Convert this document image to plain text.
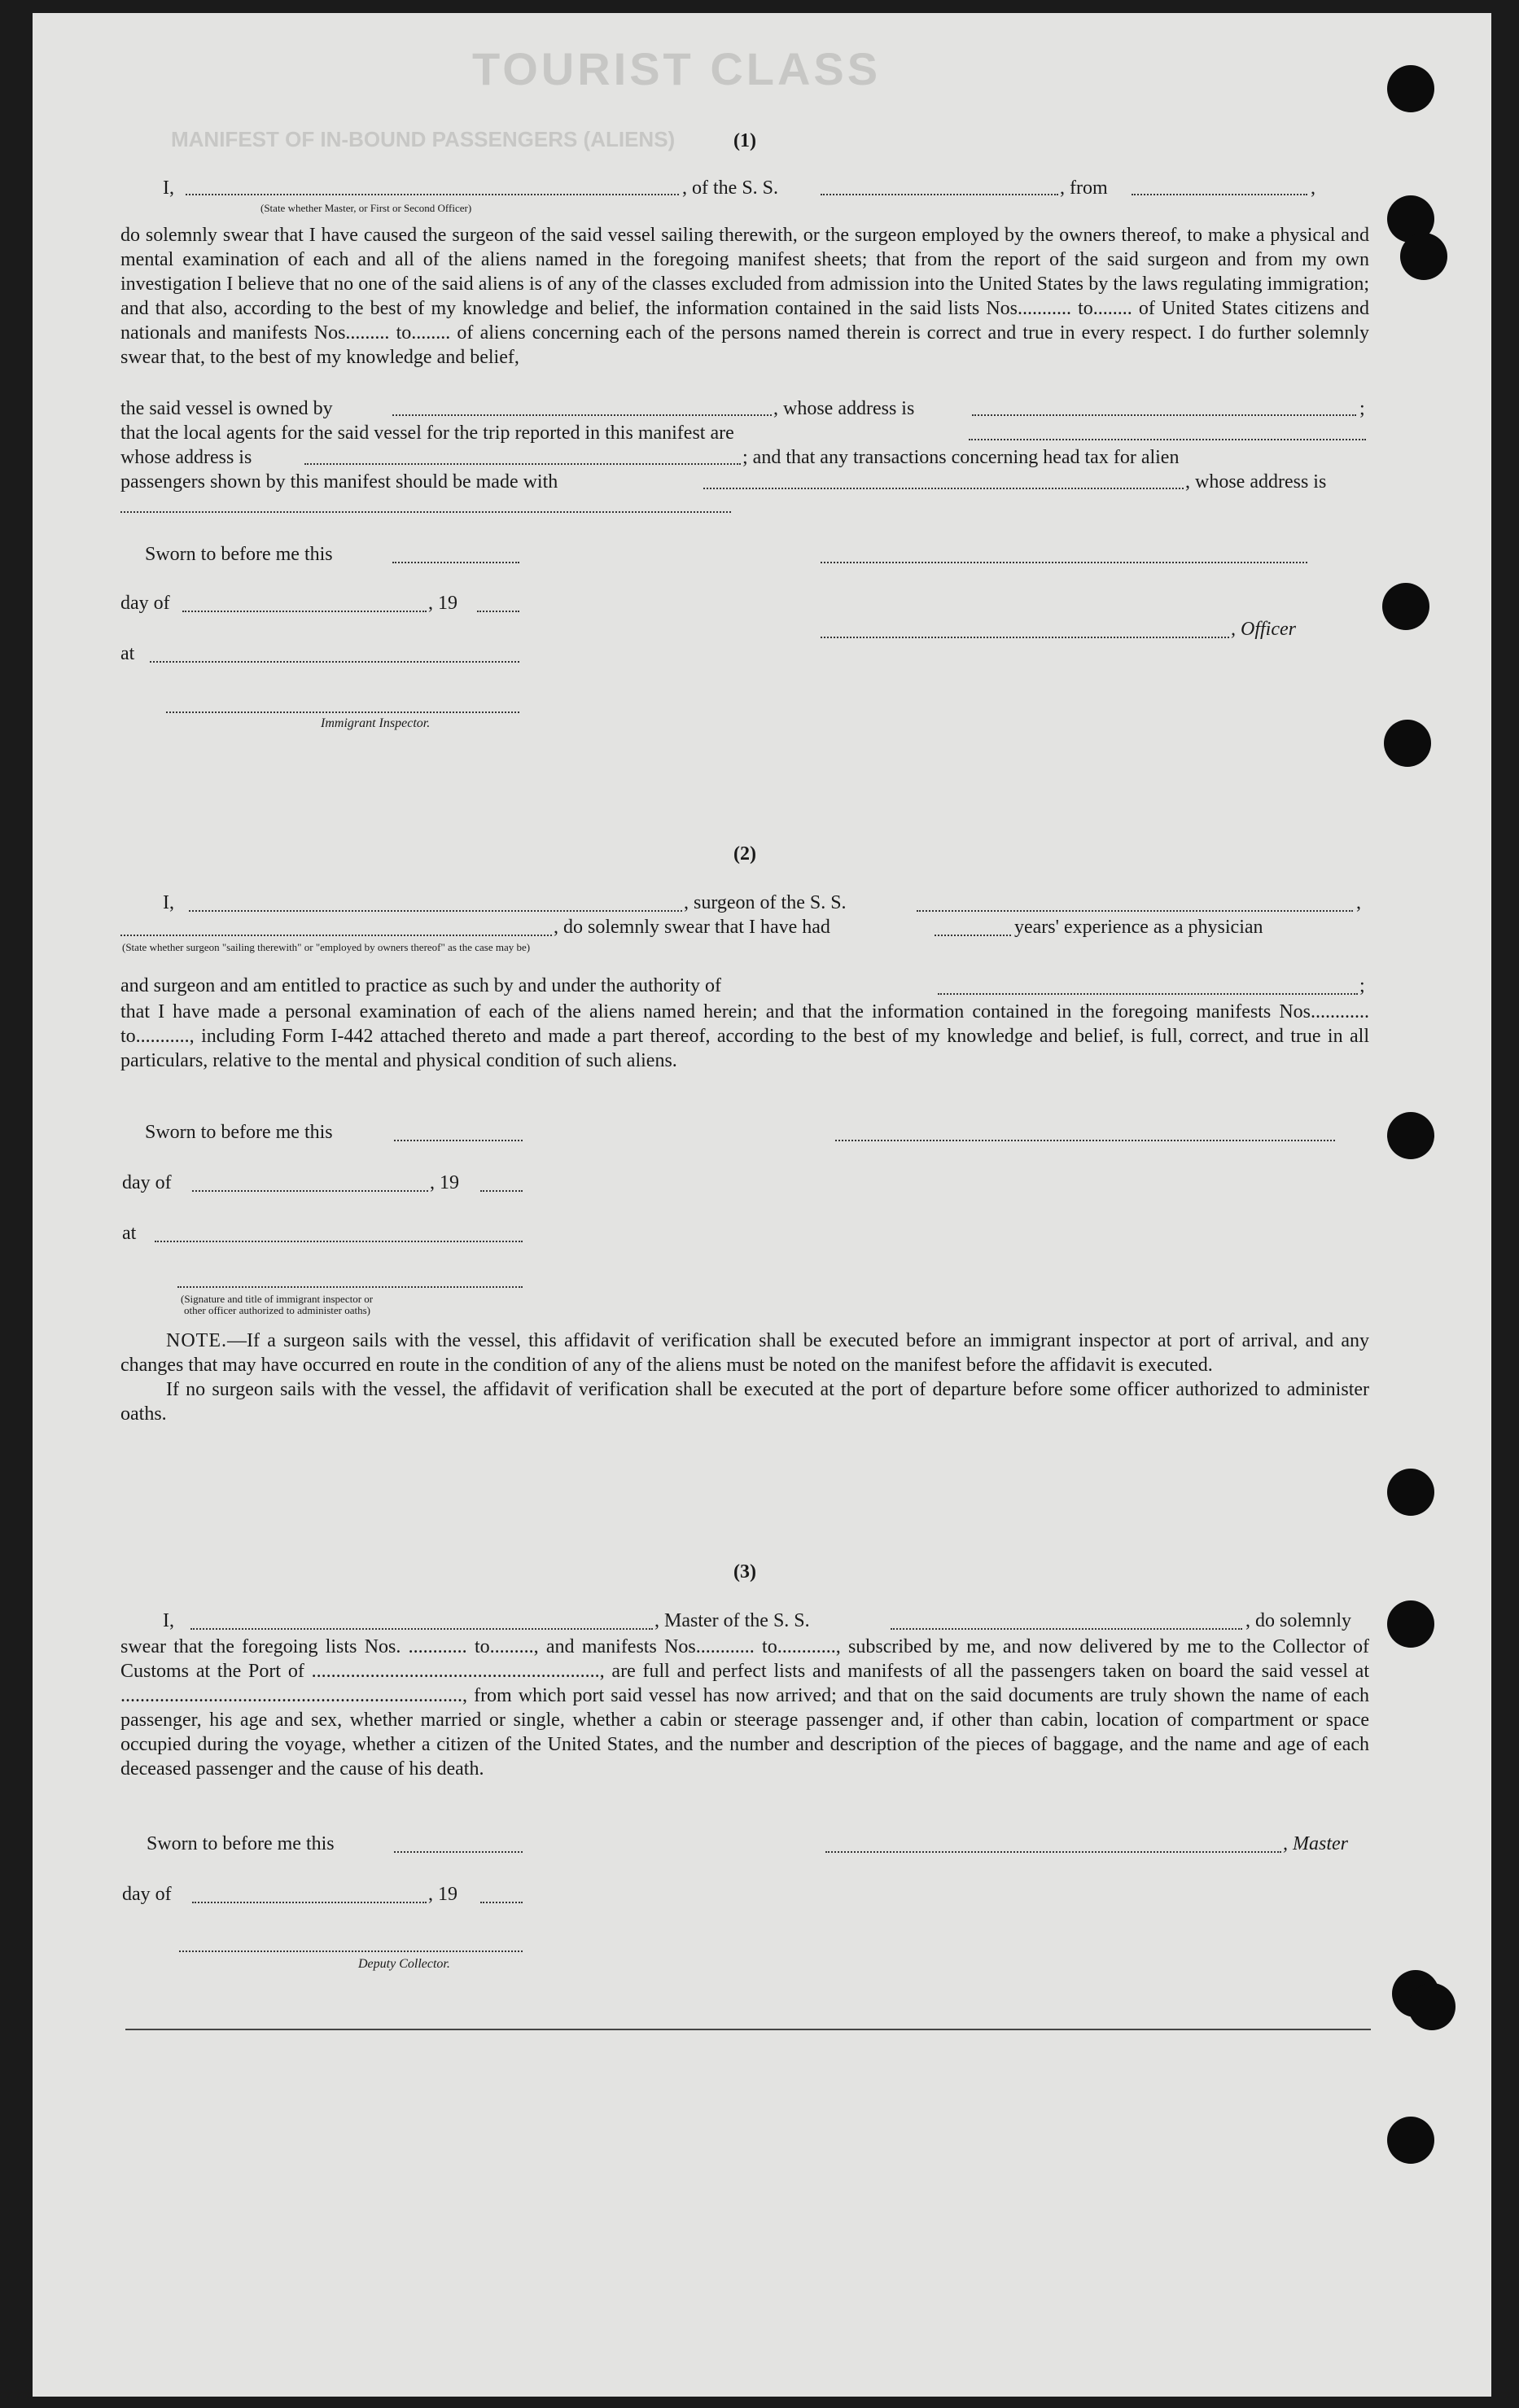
TOURIST CLASS
MANIFEST OF IN-BOUND PASSENGERS (ALIENS)	(1)

I,	, of the S. S.	, from	,
(State whether Master, or First or Second Officer)

do solemnly swear that I have caused the surgeon of the said vessel sailing therewith, or the surgeon employed by the owners thereof, to make a physical and mental examination of each and all of the aliens named in the foregoing manifest sheets; that from the report of the said surgeon and from my own investigation I believe that no one of the said aliens is of any of the classes excluded from admission into the United States by the laws regulating immigration; and that also, according to the best of my knowledge and belief, the information contained in the said lists Nos........... to........ of United States citizens and nationals and manifests Nos......... to........ of aliens concerning each of the persons named therein is correct and true in every respect. I do further solemnly swear that, to the best of my knowledge and belief,

the said vessel is owned by	, whose address is	;
that the local agents for the said vessel for the trip reported in this manifest are
whose address is	; and that any transactions concerning head tax for alien
passengers shown by this manifest should be made with	, whose address is
Sworn to before me this
day of	, 19
, Officer
at
Immigrant Inspector.

(2)

I,	, surgeon of the S. S.	,
, do solemnly swear that I have had	years' experience as a physician
(State whether surgeon "sailing therewith" or "employed by owners thereof" as the case may be)
and surgeon and am entitled to practice as such by and under the authority of	;

that I have made a personal examination of each of the aliens named herein; and that the information contained in the foregoing manifests Nos............ to..........., including Form I-442 attached thereto and made a part thereof, according to the best of my knowledge and belief, is full, correct, and true in all particulars, relative to the mental and physical condition of such aliens.

Sworn to before me this
day of	, 19
at
(Signature and title of immigrant inspector or
other officer authorized to administer oaths)

NOTE.—If a surgeon sails with the vessel, this affidavit of verification shall be executed before an immigrant inspector at port of arrival, and any changes that may have occurred en route in the condition of any of the aliens must be noted on the manifest before the affidavit is executed.

If no surgeon sails with the vessel, the affidavit of verification shall be executed at the port of departure before some officer authorized to administer oaths.

(3)

I,	, Master of the S. S.	, do solemnly

swear that the foregoing lists Nos. ............ to........., and manifests Nos............ to............, subscribed by me, and now delivered by me to the Collector of Customs at the Port of ..........................................................., are full and perfect lists and manifests of all the passengers taken on board the said vessel at ......................................................................, from which port said vessel has now arrived; and that on the said documents are truly shown the name of each passenger, his age and sex, whether married or single, whether a cabin or steerage passenger and, if other than cabin, location of compartment or space occupied during the voyage, whether a citizen of the United States, and the number and description of the pieces of baggage, and the name and age of each deceased passenger and the cause of his death.

Sworn to before me this	, Master
day of	, 19
Deputy Collector.
